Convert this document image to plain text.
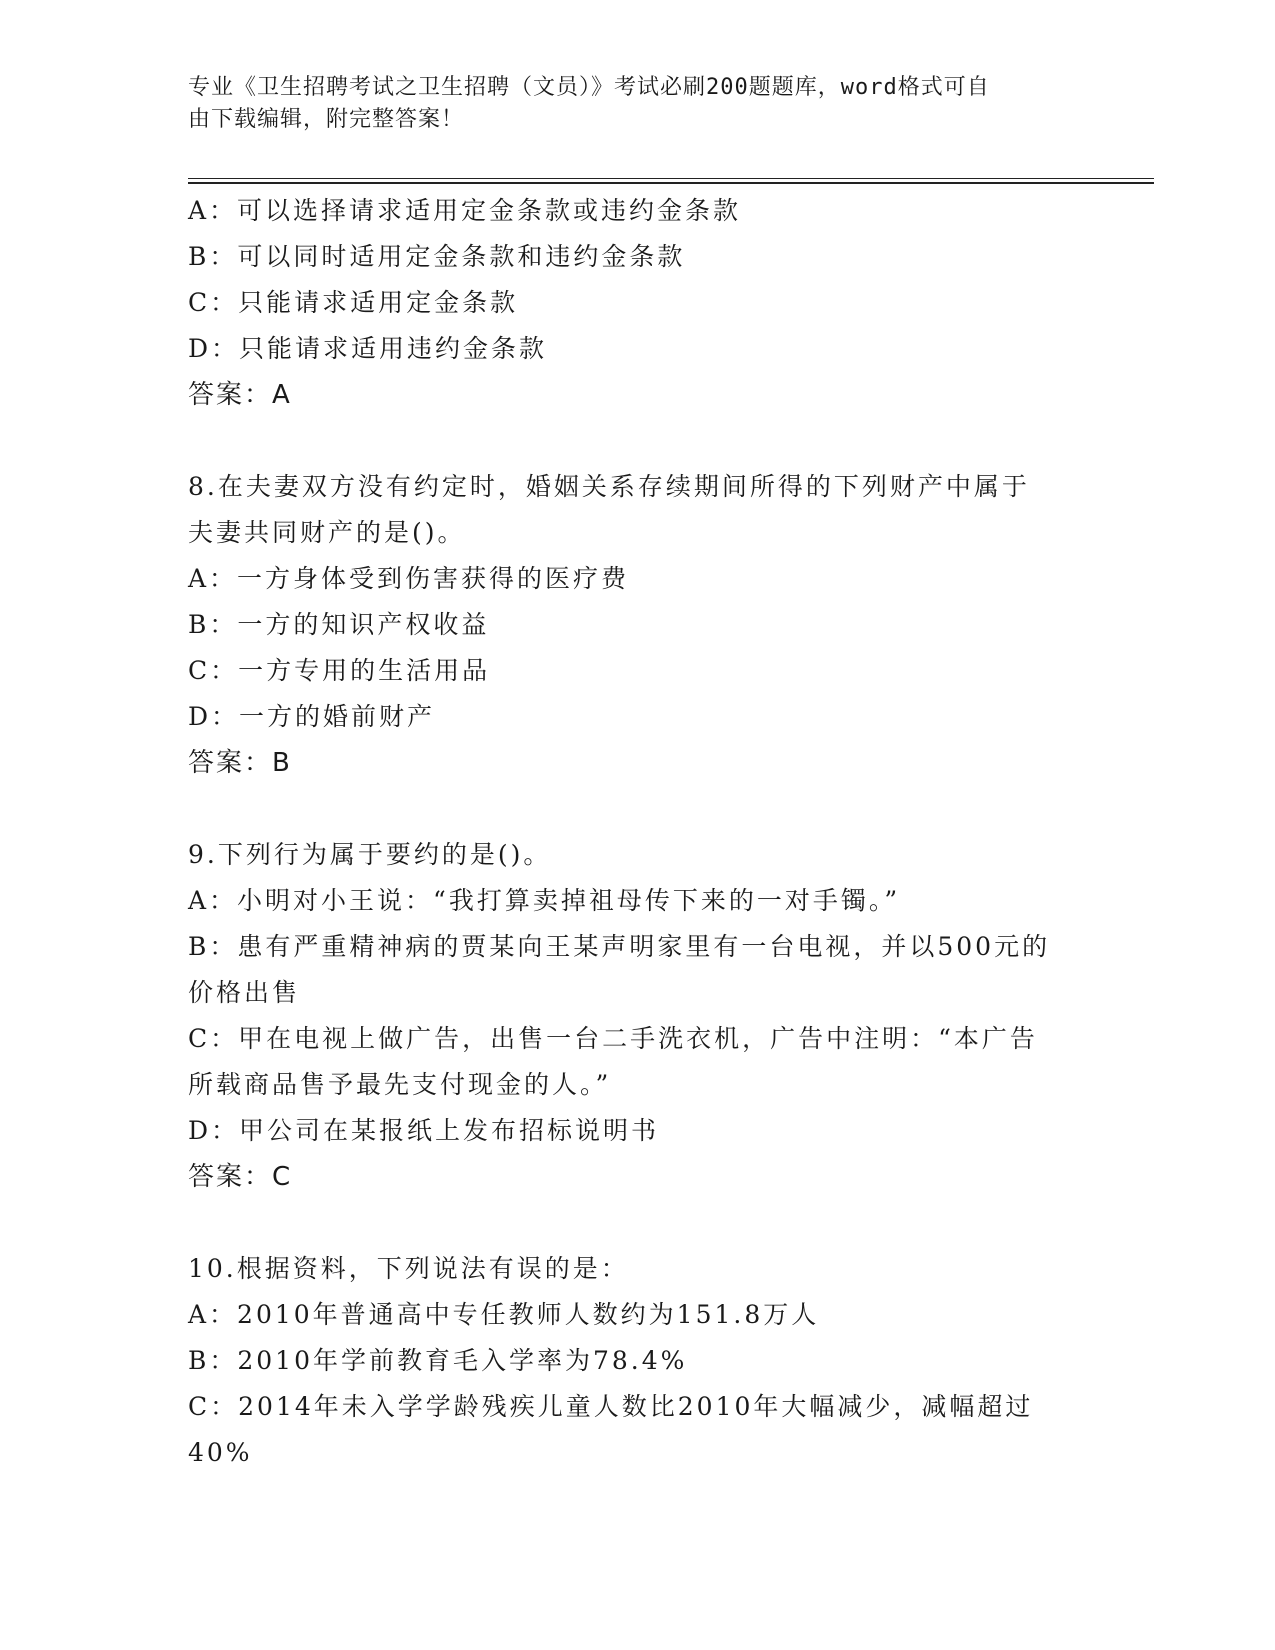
专业《卫生招聘考试之卫生招聘（文员）》考试必刷200题题库，word格式可自
由下载编辑，附完整答案！
A：可以选择请求适用定金条款或违约金条款
B：可以同时适用定金条款和违约金条款
C：只能请求适用定金条款
D：只能请求适用违约金条款
答案：A
8.在夫妻双方没有约定时，婚姻关系存续期间所得的下列财产中属于
夫妻共同财产的是()。
A：一方身体受到伤害获得的医疗费
B：一方的知识产权收益
C：一方专用的生活用品
D：一方的婚前财产
答案：B
9.下列行为属于要约的是()。
A：小明对小王说：“我打算卖掉祖母传下来的一对手镯。”
B：患有严重精神病的贾某向王某声明家里有一台电视，并以500元的
价格出售
C：甲在电视上做广告，出售一台二手洗衣机，广告中注明：“本广告
所载商品售予最先支付现金的人。”
D：甲公司在某报纸上发布招标说明书
答案：C
10.根据资料，下列说法有误的是：
A：2010年普通高中专任教师人数约为151.8万人
B：2010年学前教育毛入学率为78.4%
C：2014年未入学学龄残疾儿童人数比2010年大幅减少，减幅超过
40%
